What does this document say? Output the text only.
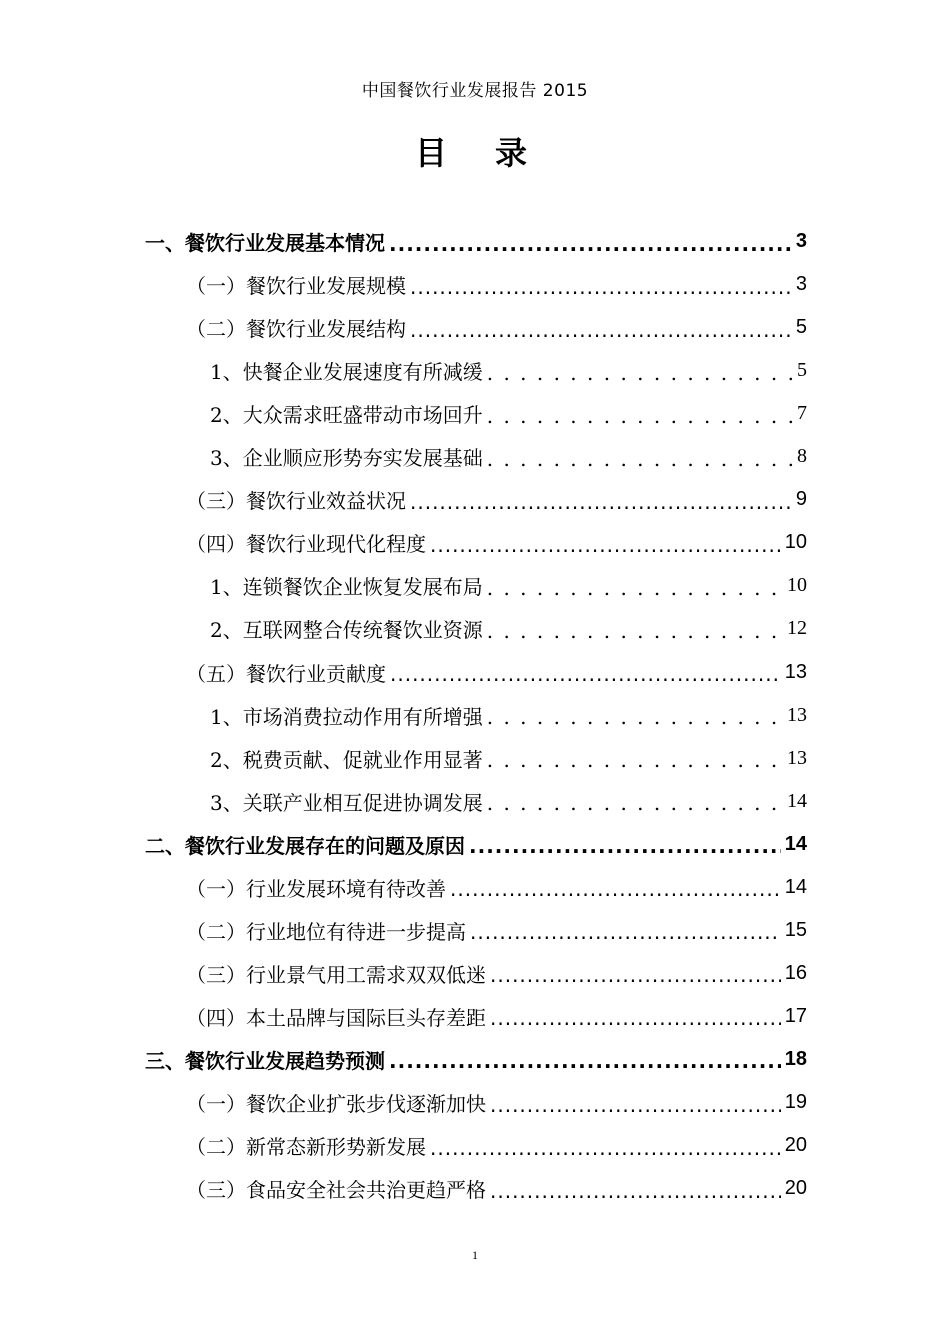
中国餐饮行业发展报告 2015
目　录
一、餐饮行业发展基本情况 .....	3
（一）餐饮行业发展规模 .....	3
（二）餐饮行业发展结构 .....	5
1、快餐企业发展速度有所减缓 . . .	5
2、大众需求旺盛带动市场回升 . . .	7
3、企业顺应形势夯实发展基础 . . .	8
（三）餐饮行业效益状况 .....	9
（四）餐饮行业现代化程度 .....	10
1、连锁餐饮企业恢复发展布局 . . .	10
2、互联网整合传统餐饮业资源 . . .	12
（五）餐饮行业贡献度 .....	13
1、市场消费拉动作用有所增强 . . .	13
2、税费贡献、促就业作用显著 . . .	13
3、关联产业相互促进协调发展 . . .	14
二、餐饮行业发展存在的问题及原因 .....	14
（一）行业发展环境有待改善 .....	14
（二）行业地位有待进一步提高 .....	15
（三）行业景气用工需求双双低迷 .....	16
（四）本土品牌与国际巨头存差距 .....	17
三、餐饮行业发展趋势预测 .....	18
（一）餐饮企业扩张步伐逐渐加快 .....	19
（二）新常态新形势新发展 .....	20
（三）食品安全社会共治更趋严格 .....	20
1
